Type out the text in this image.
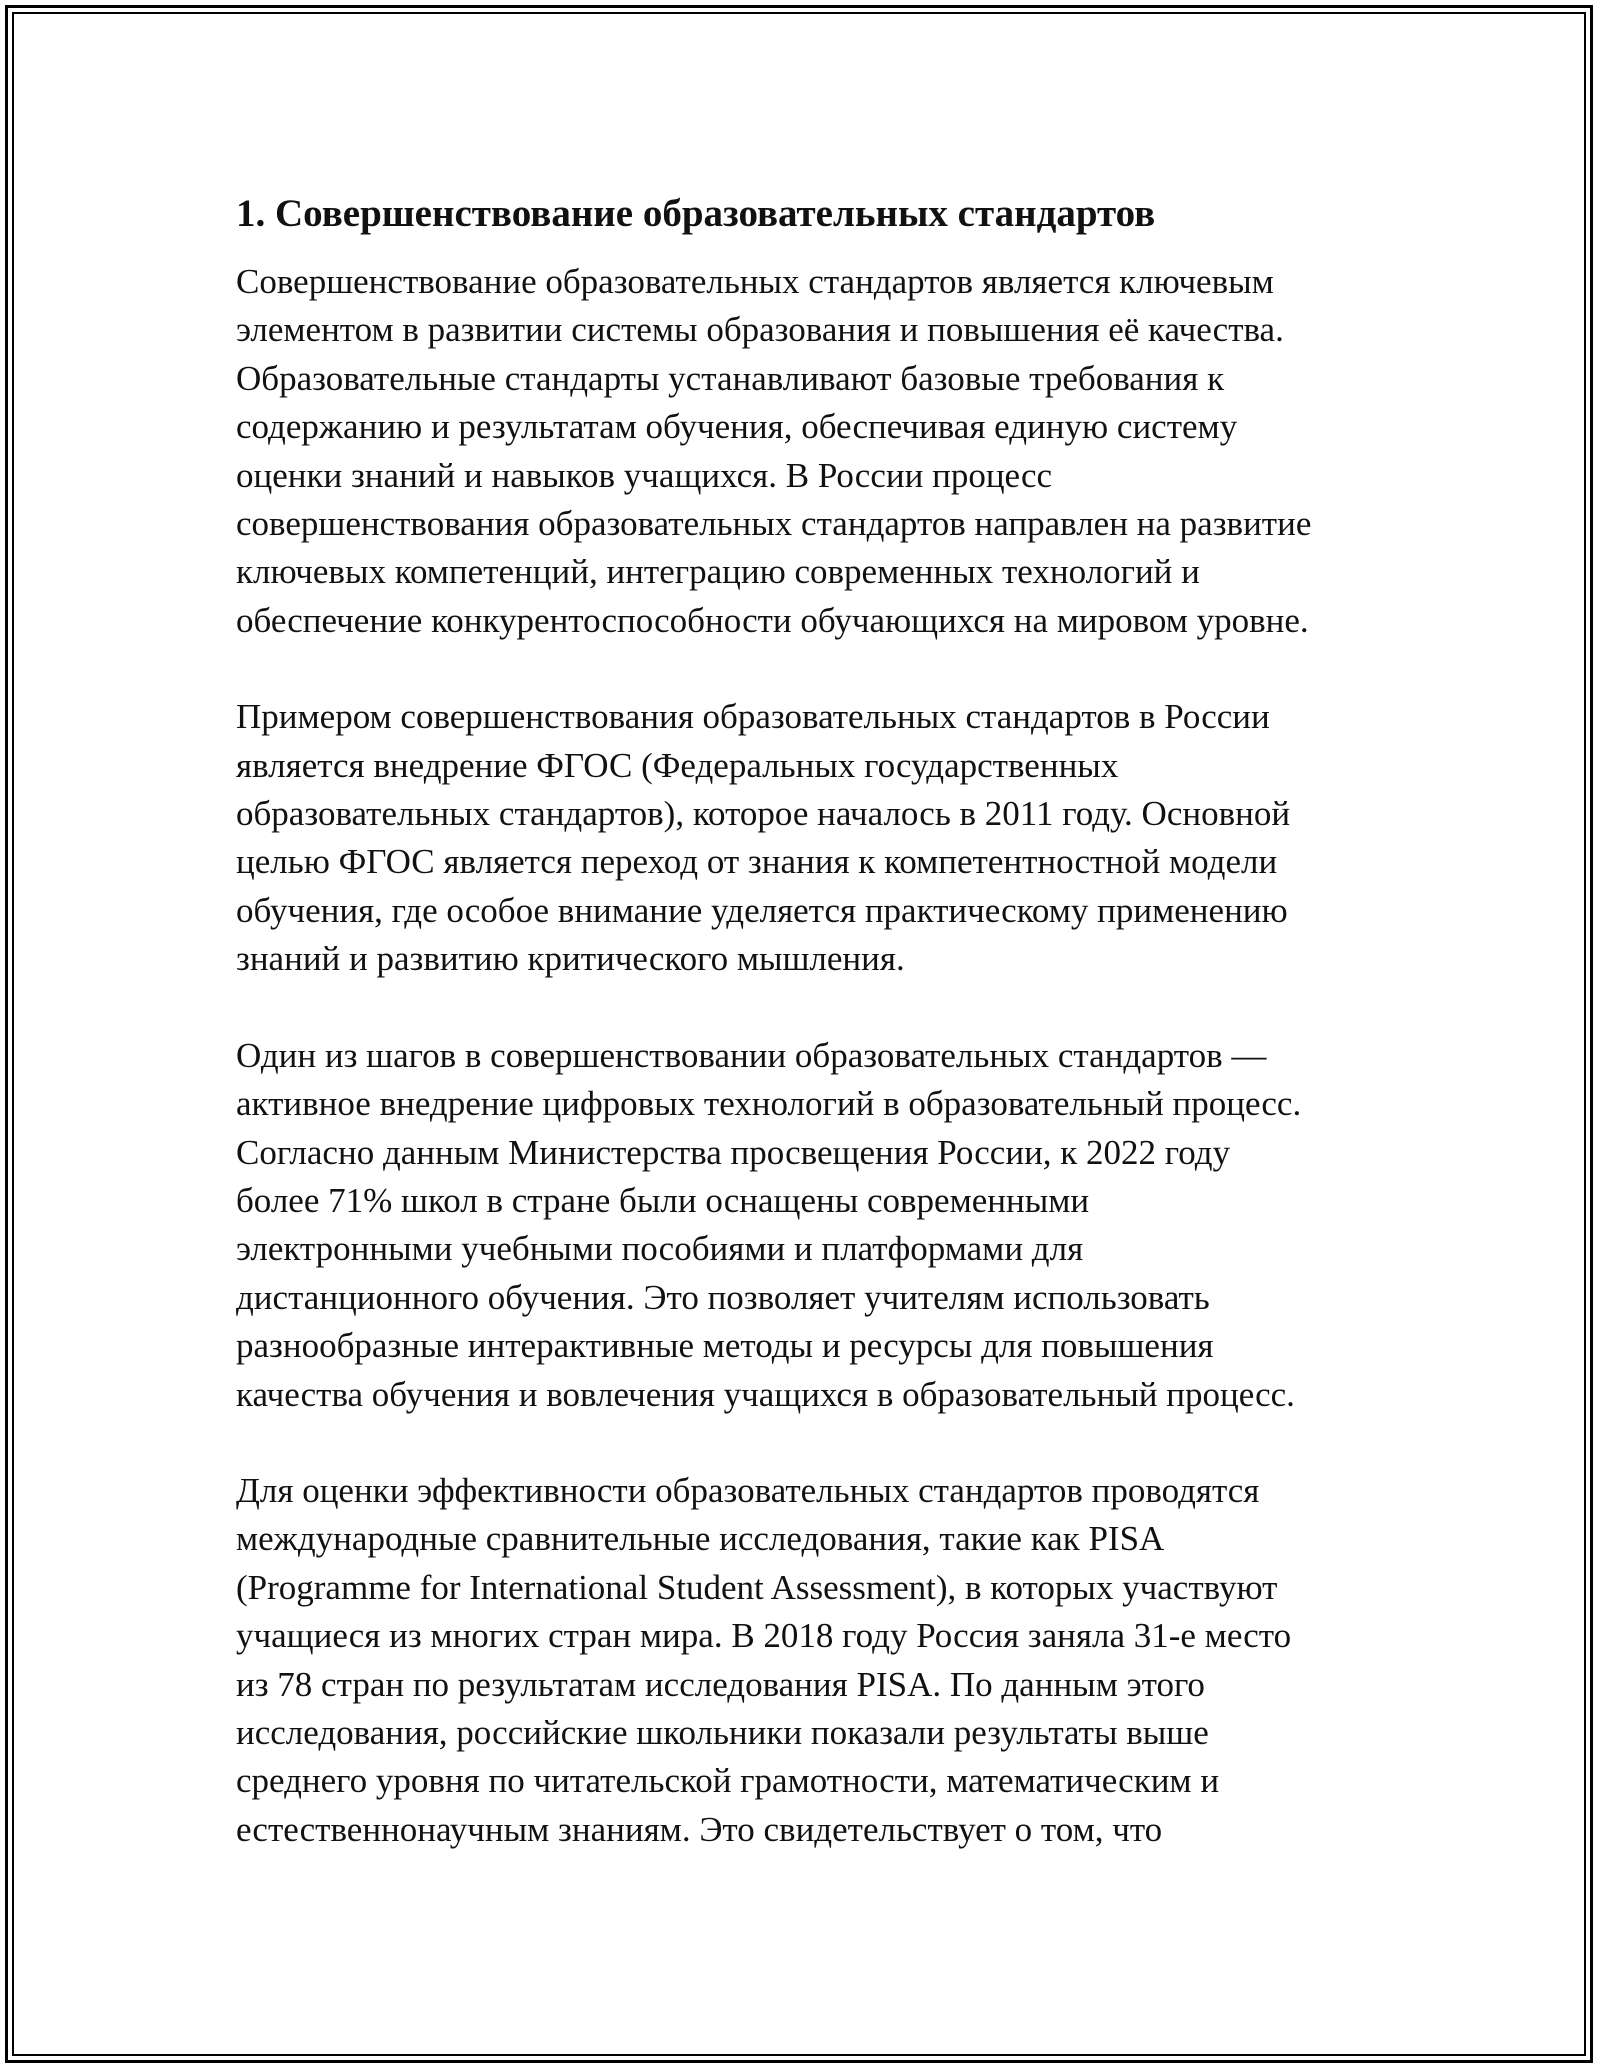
1. Совершенствование образовательных стандартов

Совершенствование образовательных стандартов является ключевым
элементом в развитии системы образования и повышения её качества.
Образовательные стандарты устанавливают базовые требования к
содержанию и результатам обучения, обеспечивая единую систему
оценки знаний и навыков учащихся. В России процесс
совершенствования образовательных стандартов направлен на развитие
ключевых компетенций, интеграцию современных технологий и
обеспечение конкурентоспособности обучающихся на мировом уровне.

Примером совершенствования образовательных стандартов в России
является внедрение ФГОС (Федеральных государственных
образовательных стандартов), которое началось в 2011 году. Основной
целью ФГОС является переход от знания к компетентностной модели
обучения, где особое внимание уделяется практическому применению
знаний и развитию критического мышления.

Один из шагов в совершенствовании образовательных стандартов —
активное внедрение цифровых технологий в образовательный процесс.
Согласно данным Министерства просвещения России, к 2022 году
более 71% школ в стране были оснащены современными
электронными учебными пособиями и платформами для
дистанционного обучения. Это позволяет учителям использовать
разнообразные интерактивные методы и ресурсы для повышения
качества обучения и вовлечения учащихся в образовательный процесс.

Для оценки эффективности образовательных стандартов проводятся
международные сравнительные исследования, такие как PISA
(Programme for International Student Assessment), в которых участвуют
учащиеся из многих стран мира. В 2018 году Россия заняла 31-е место
из 78 стран по результатам исследования PISA. По данным этого
исследования, российские школьники показали результаты выше
среднего уровня по читательской грамотности, математическим и
естественнонаучным знаниям. Это свидетельствует о том, что
